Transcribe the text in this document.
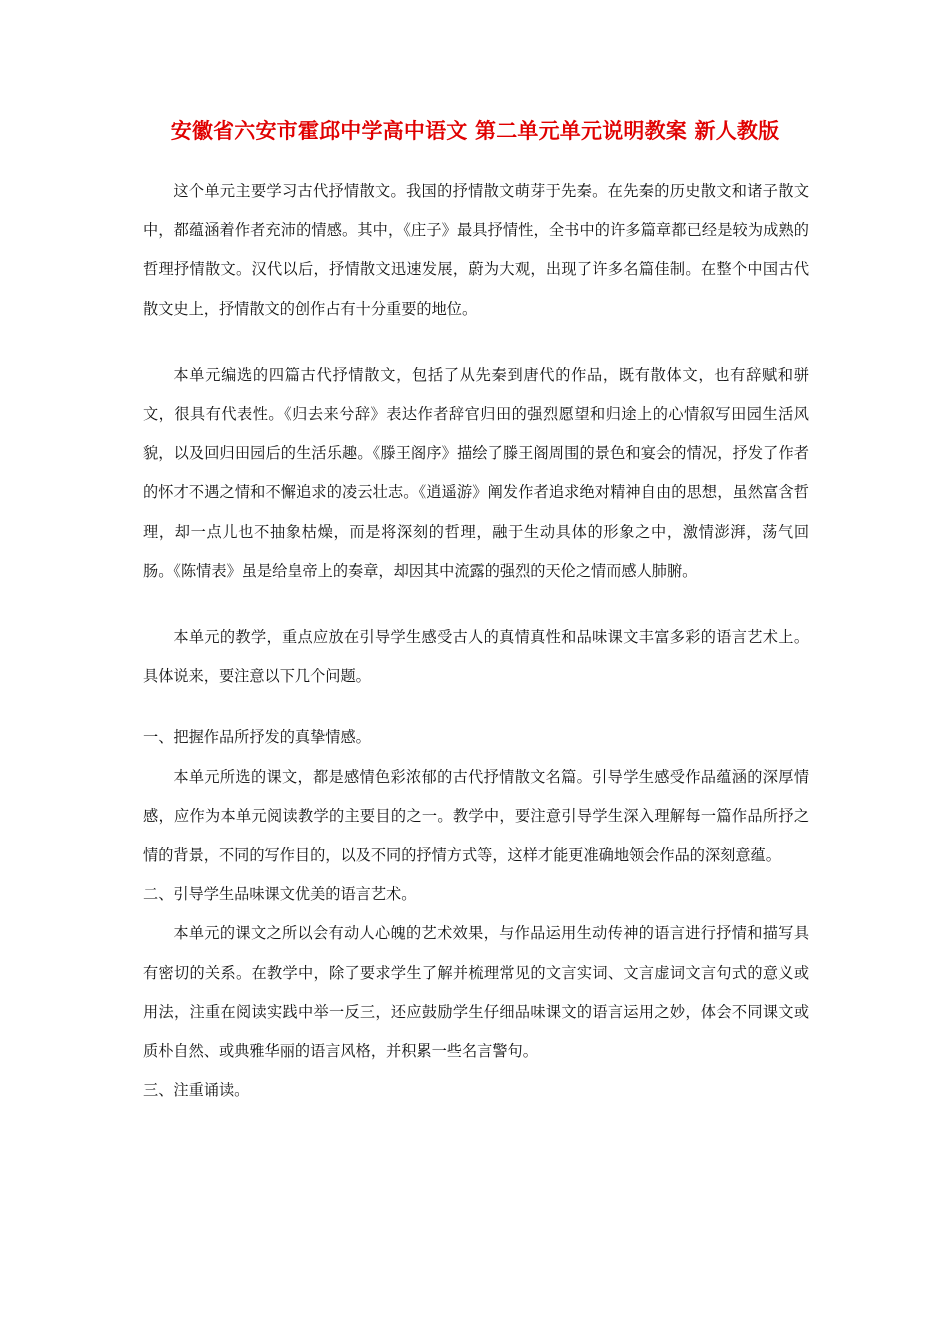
安徽省六安市霍邱中学高中语文 第二单元单元说明教案 新人教版

这个单元主要学习古代抒情散文。我国的抒情散文萌芽于先秦。在先秦的历史散文和诸子散文中，都蕴涵着作者充沛的情感。其中，《庄子》最具抒情性，全书中的许多篇章都已经是较为成熟的哲理抒情散文。汉代以后，抒情散文迅速发展，蔚为大观，出现了许多名篇佳制。在整个中国古代散文史上，抒情散文的创作占有十分重要的地位。

本单元编选的四篇古代抒情散文，包括了从先秦到唐代的作品，既有散体文，也有辞赋和骈文，很具有代表性。《归去来兮辞》表达作者辞官归田的强烈愿望和归途上的心情叙写田园生活风貌，以及回归田园后的生活乐趣。《滕王阁序》描绘了滕王阁周围的景色和宴会的情况，抒发了作者的怀才不遇之情和不懈追求的凌云壮志。《逍遥游》阐发作者追求绝对精神自由的思想，虽然富含哲理，却一点儿也不抽象枯燥，而是将深刻的哲理，融于生动具体的形象之中，激情澎湃，荡气回肠。《陈情表》虽是给皇帝上的奏章，却因其中流露的强烈的天伦之情而感人肺腑。

本单元的教学，重点应放在引导学生感受古人的真情真性和品味课文丰富多彩的语言艺术上。具体说来，要注意以下几个问题。

一、把握作品所抒发的真挚情感。

本单元所选的课文，都是感情色彩浓郁的古代抒情散文名篇。引导学生感受作品蕴涵的深厚情感，应作为本单元阅读教学的主要目的之一。教学中，要注意引导学生深入理解每一篇作品所抒之情的背景，不同的写作目的，以及不同的抒情方式等，这样才能更准确地领会作品的深刻意蕴。

二、引导学生品味课文优美的语言艺术。

本单元的课文之所以会有动人心魄的艺术效果，与作品运用生动传神的语言进行抒情和描写具有密切的关系。在教学中，除了要求学生了解并梳理常见的文言实词、文言虚词文言句式的意义或用法，注重在阅读实践中举一反三，还应鼓励学生仔细品味课文的语言运用之妙，体会不同课文或质朴自然、或典雅华丽的语言风格，并积累一些名言警句。

三、注重诵读。
